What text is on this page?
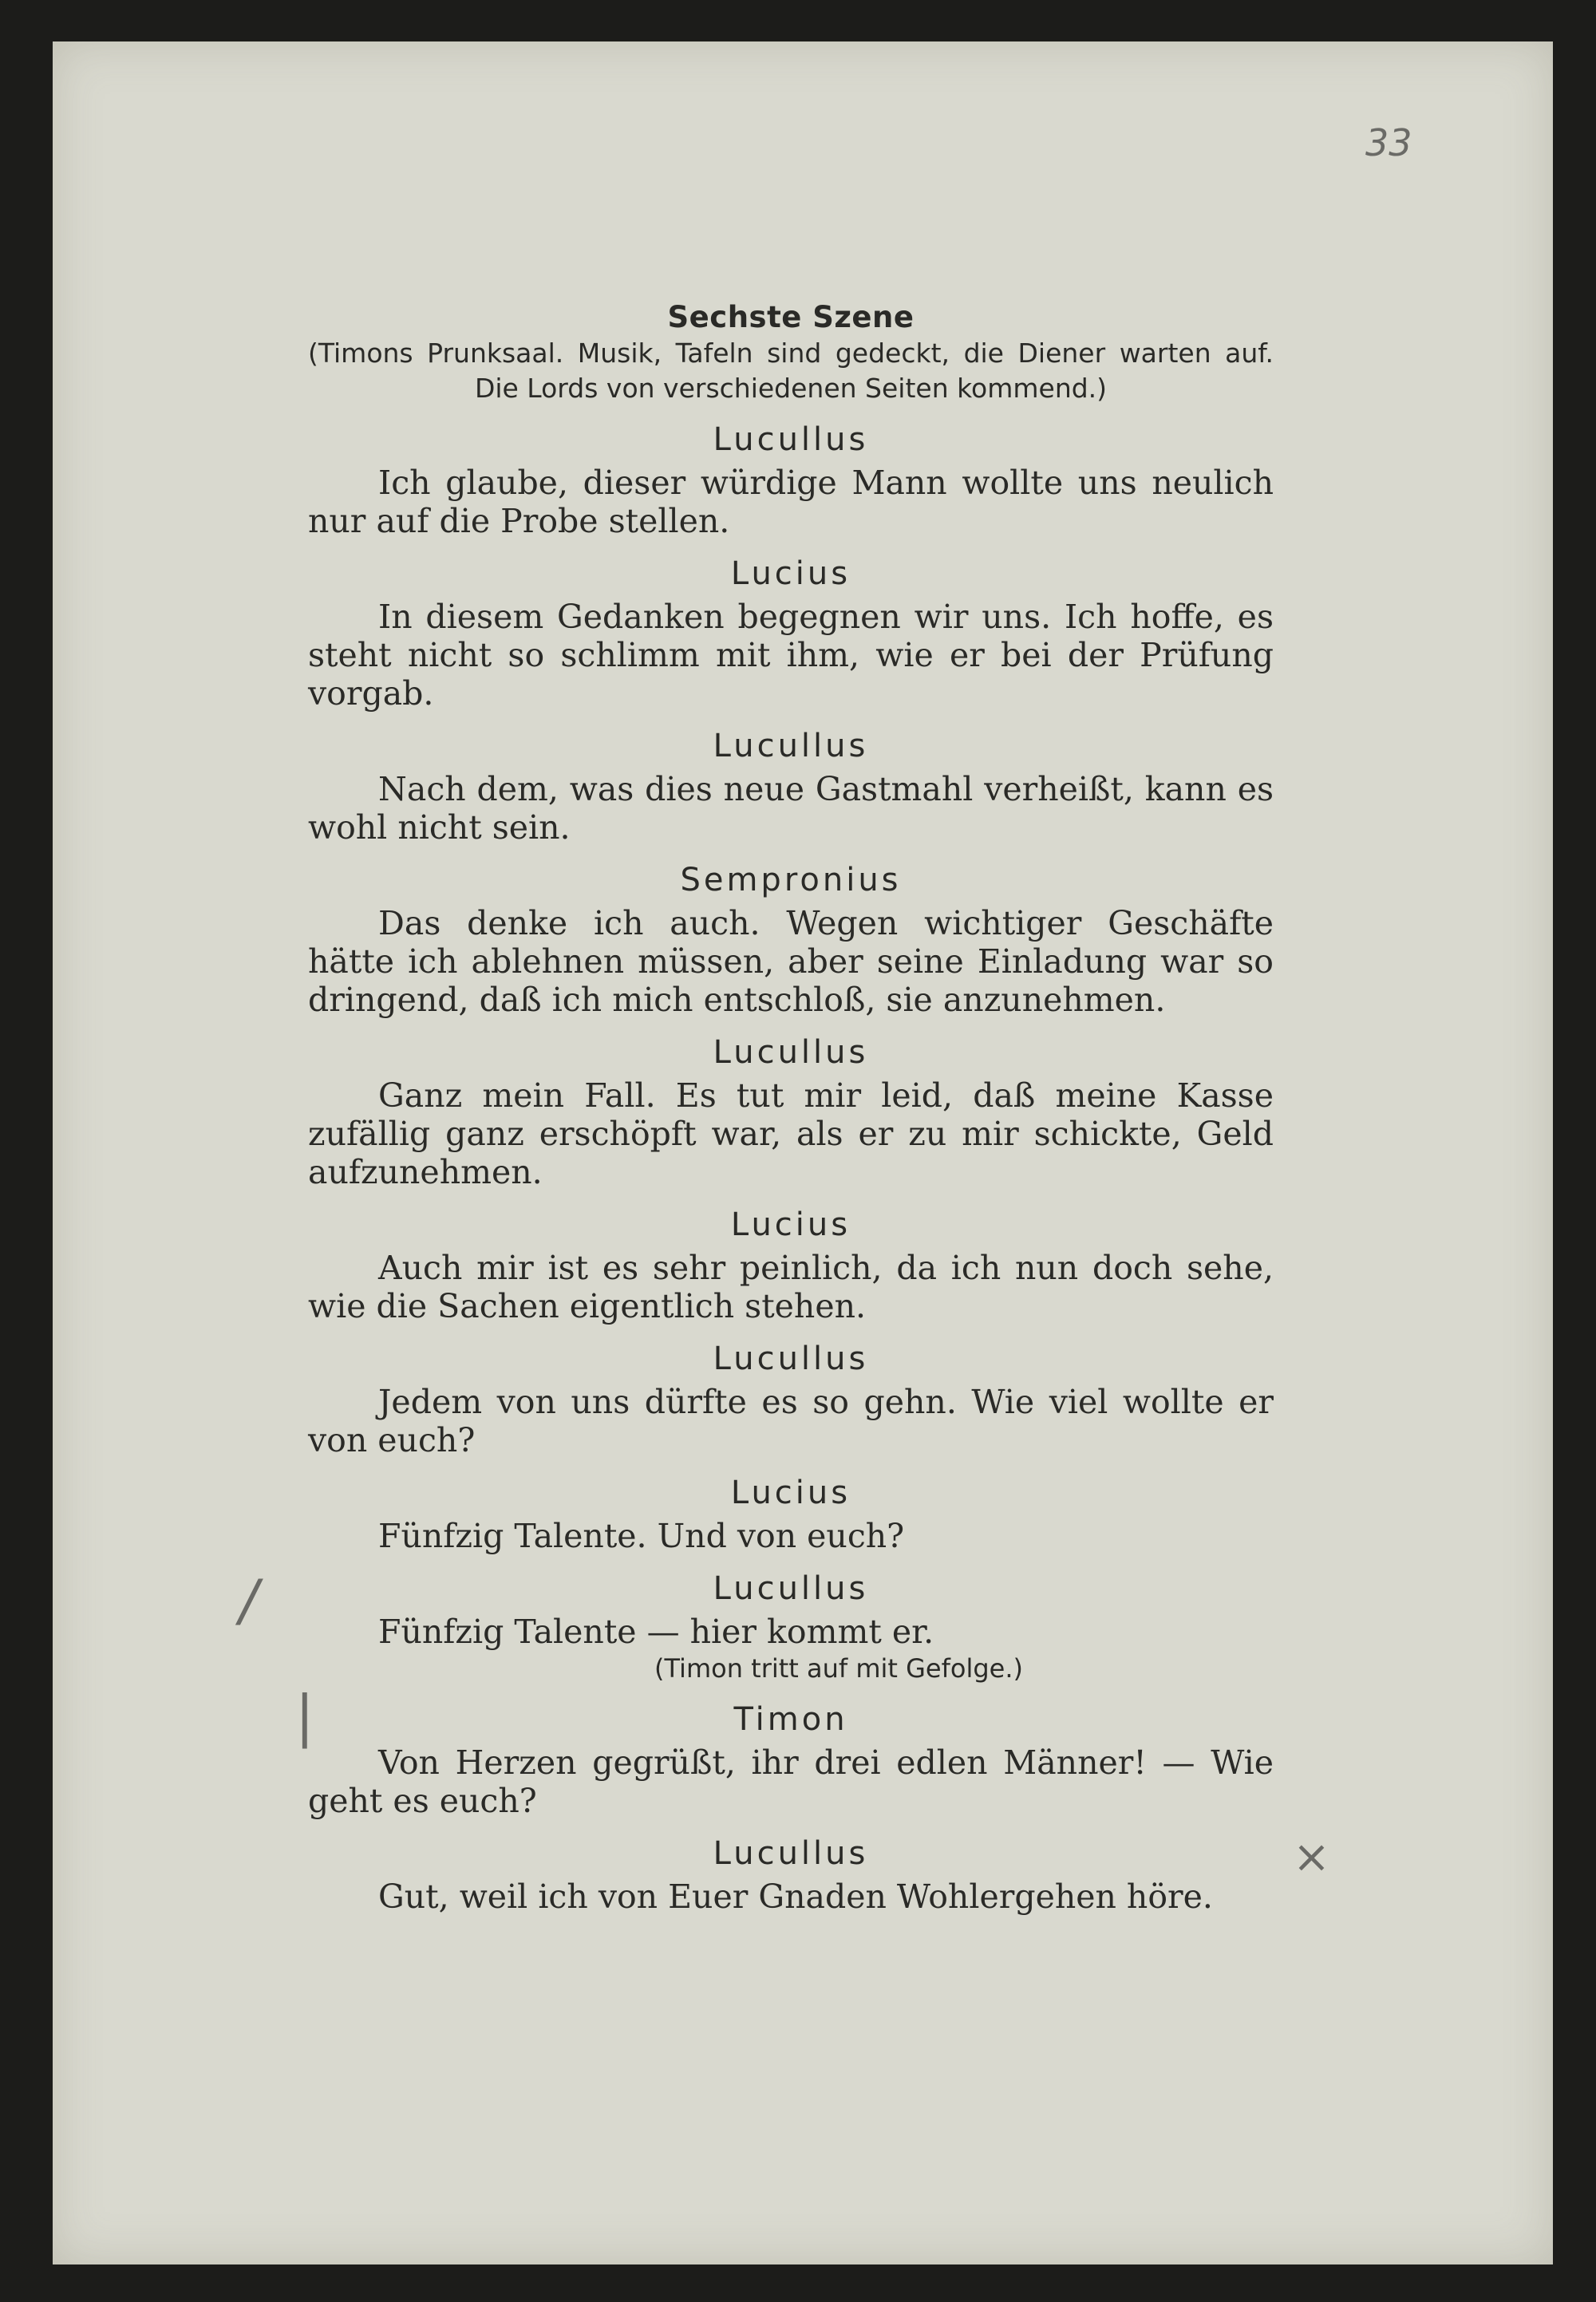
33
×
/
|
Sechste Szene

(Timons Prunksaal. Musik, Tafeln sind gedeckt, die Diener warten auf. Die Lords von verschiedenen Seiten kommend.)

Lucullus

Ich glaube, dieser würdige Mann wollte uns neulich nur auf die Probe stellen.

Lucius

In diesem Gedanken begegnen wir uns. Ich hoffe, es steht nicht so schlimm mit ihm, wie er bei der Prüfung vorgab.

Lucullus

Nach dem, was dies neue Gastmahl verheißt, kann es wohl nicht sein.

Sempronius

Das denke ich auch. Wegen wichtiger Geschäfte hätte ich ablehnen müssen, aber seine Einladung war so dringend, daß ich mich entschloß, sie anzunehmen.

Lucullus

Ganz mein Fall. Es tut mir leid, daß meine Kasse zufällig ganz erschöpft war, als er zu mir schickte, Geld aufzunehmen.

Lucius

Auch mir ist es sehr peinlich, da ich nun doch sehe, wie die Sachen eigentlich stehen.

Lucullus

Jedem von uns dürfte es so gehn. Wie viel wollte er von euch?

Lucius

Fünfzig Talente. Und von euch?

Lucullus

Fünfzig Talente — hier kommt er.

(Timon tritt auf mit Gefolge.)

Timon

Von Herzen gegrüßt, ihr drei edlen Männer! — Wie geht es euch?

Lucullus

Gut, weil ich von Euer Gnaden Wohlergehen höre.
